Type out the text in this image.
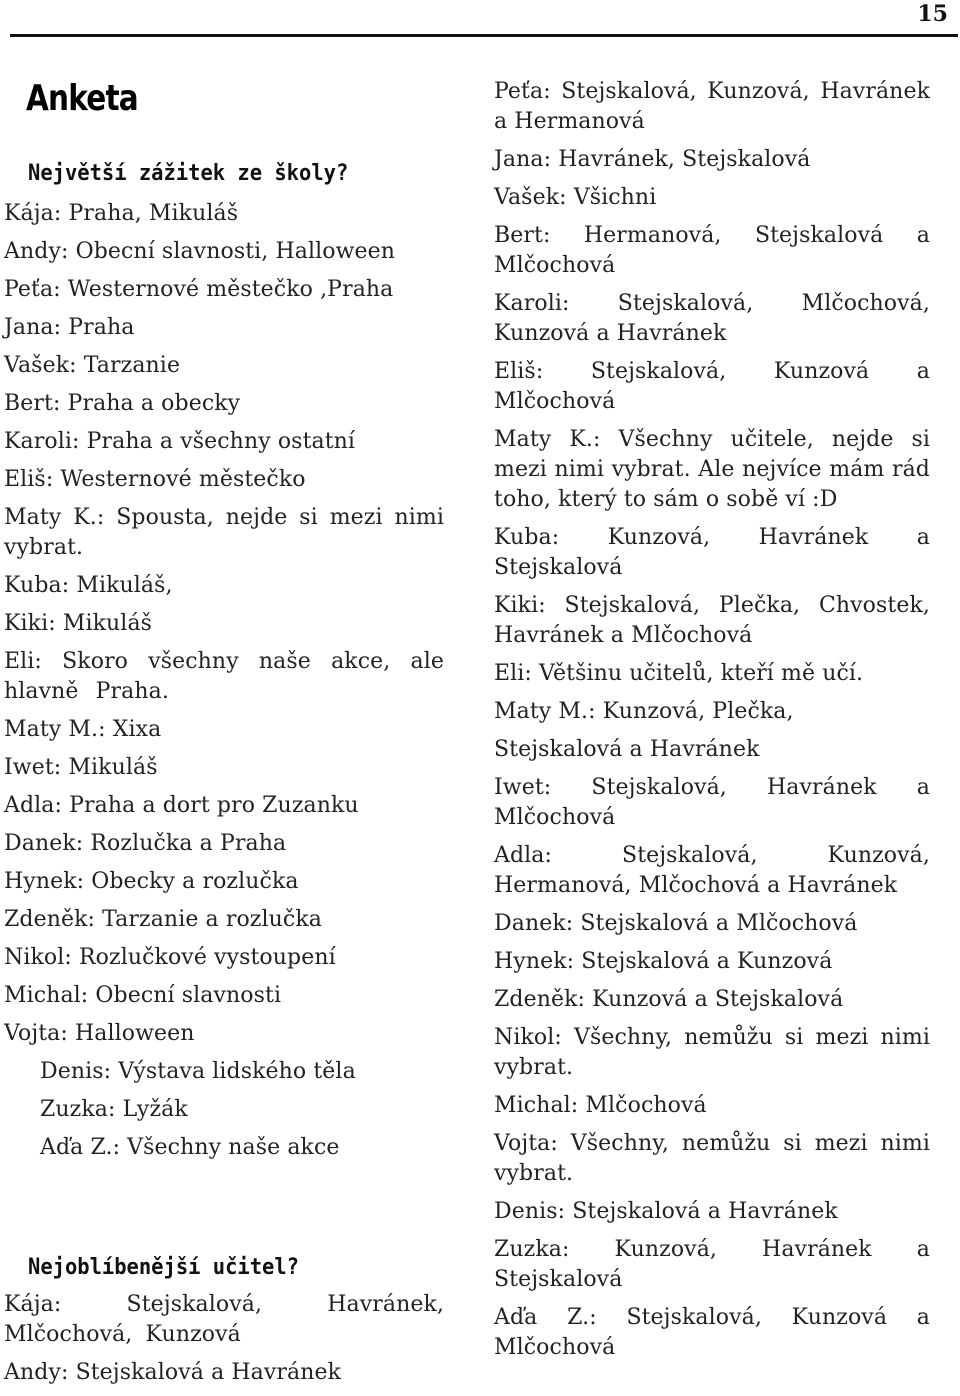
15
Anketa
Největší zážitek ze školy?
Kája: Praha, Mikuláš
Andy: Obecní slavnosti, Halloween
Peťa: Westernové městečko ,Praha
Jana: Praha
Vašek: Tarzanie
Bert: Praha a obecky
Karoli: Praha a všechny ostatní
Eliš: Westernové městečko
Maty K.: Spousta, nejde si mezi nimi vybrat.
Kuba: Mikuláš,
Kiki: Mikuláš
Eli: Skoro všechny naše akce, ale hlavně Praha.
Maty M.: Xixa
Iwet: Mikuláš
Adla: Praha a dort pro Zuzanku
Danek: Rozlučka a Praha
Hynek: Obecky a rozlučka
Zdeněk: Tarzanie a rozlučka
Nikol: Rozlučkové vystoupení
Michal: Obecní slavnosti
Vojta: Halloween
Denis: Výstava lidského těla
Zuzka: Lyžák
Aďa Z.: Všechny naše akce
Nejoblíbenější učitel?
Kája: Stejskalová, Havránek, Mlčochová, Kunzová
Andy: Stejskalová a Havránek
Peťa: Stejskalová, Kunzová, Havránek a Hermanová
Jana: Havránek, Stejskalová
Vašek: Všichni
Bert: Hermanová, Stejskalová a Mlčochová
Karoli: Stejskalová, Mlčochová, Kunzová a Havránek
Eliš: Stejskalová, Kunzová a Mlčochová
Maty K.: Všechny učitele, nejde si mezi nimi vybrat. Ale nejvíce mám rád toho, který to sám o sobě ví :D
Kuba: Kunzová, Havránek a Stejskalová
Kiki: Stejskalová, Plečka, Chvostek, Havránek a Mlčochová
Eli: Většinu učitelů, kteří mě učí.
Maty M.: Kunzová, Plečka,
Stejskalová a Havránek
Iwet: Stejskalová, Havránek a Mlčochová
Adla: Stejskalová, Kunzová, Hermanová, Mlčochová a Havránek
Danek: Stejskalová a Mlčochová
Hynek: Stejskalová a Kunzová
Zdeněk: Kunzová a Stejskalová
Nikol: Všechny, nemůžu si mezi nimi vybrat.
Michal: Mlčochová
Vojta: Všechny, nemůžu si mezi nimi vybrat.
Denis: Stejskalová a Havránek
Zuzka: Kunzová, Havránek a Stejskalová
Aďa Z.: Stejskalová, Kunzová a Mlčochová
